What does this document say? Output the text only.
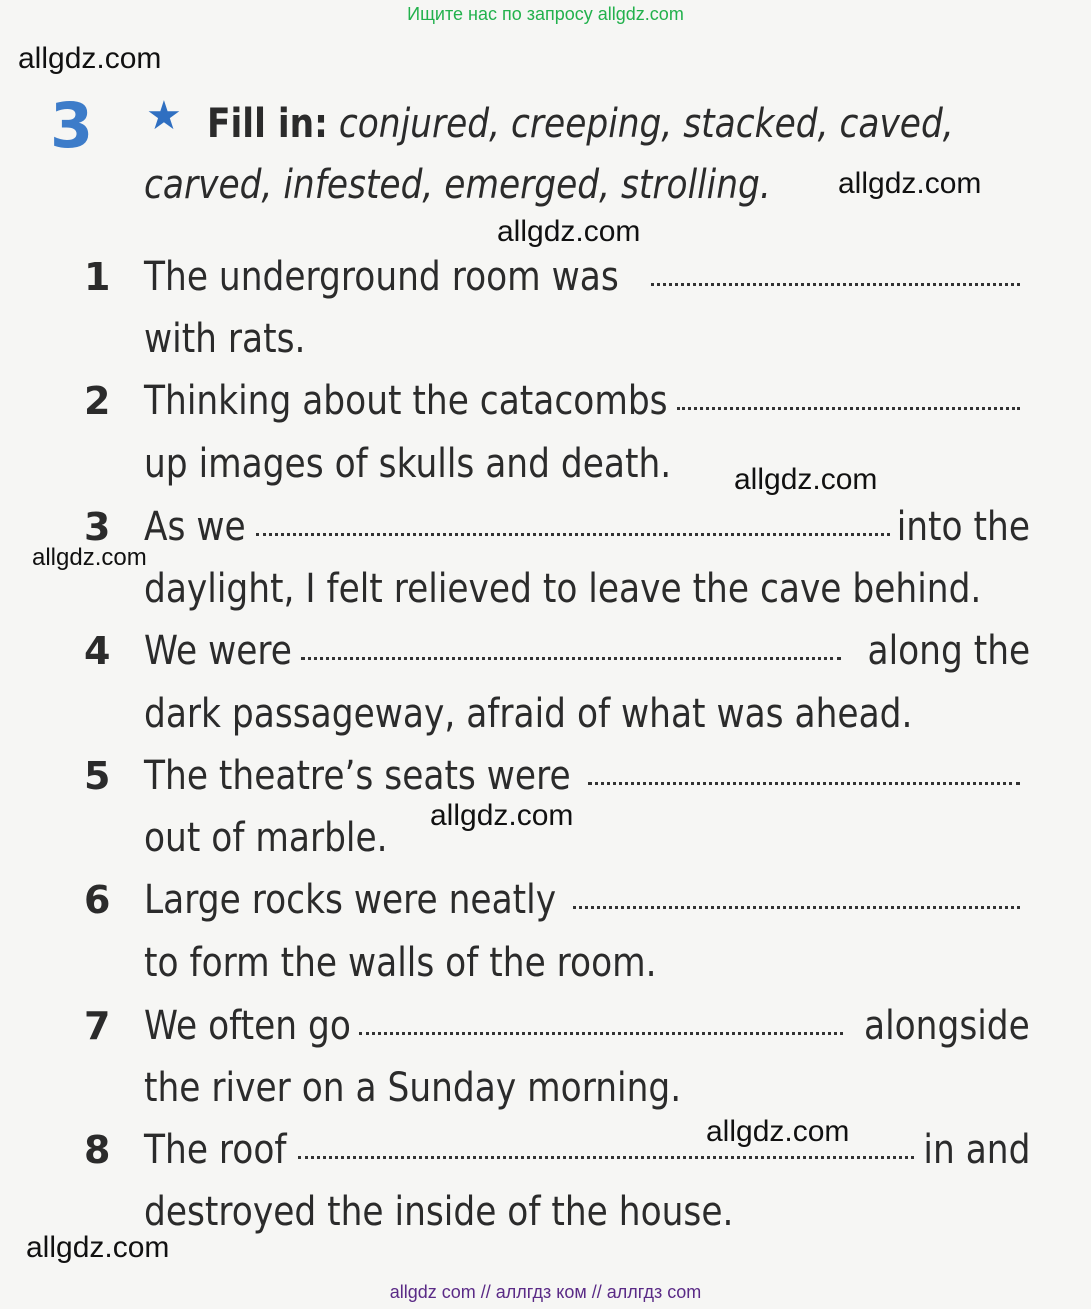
Ищите нас по запросу allgdz.com
allgdz.com
allgdz.com
allgdz.com
allgdz.com
allgdz.com
allgdz.com
allgdz.com
allgdz.com
3 ★ Fill in: conjured, creeping, stacked, caved,
carved, infested, emerged, strolling.
1 The underground room was
with rats.
2 Thinking about the catacombs
up images of skulls and death.
3 As we	into the
daylight, I felt relieved to leave the cave behind.
4 We were	along the
dark passageway, afraid of what was ahead.
5 The theatre’s seats were
out of marble.
6 Large rocks were neatly
to form the walls of the room.
7 We often go	alongside
the river on a Sunday morning.
8 The roof	in and
destroyed the inside of the house.
allgdz com // аллгдз ком // аллгдз com
